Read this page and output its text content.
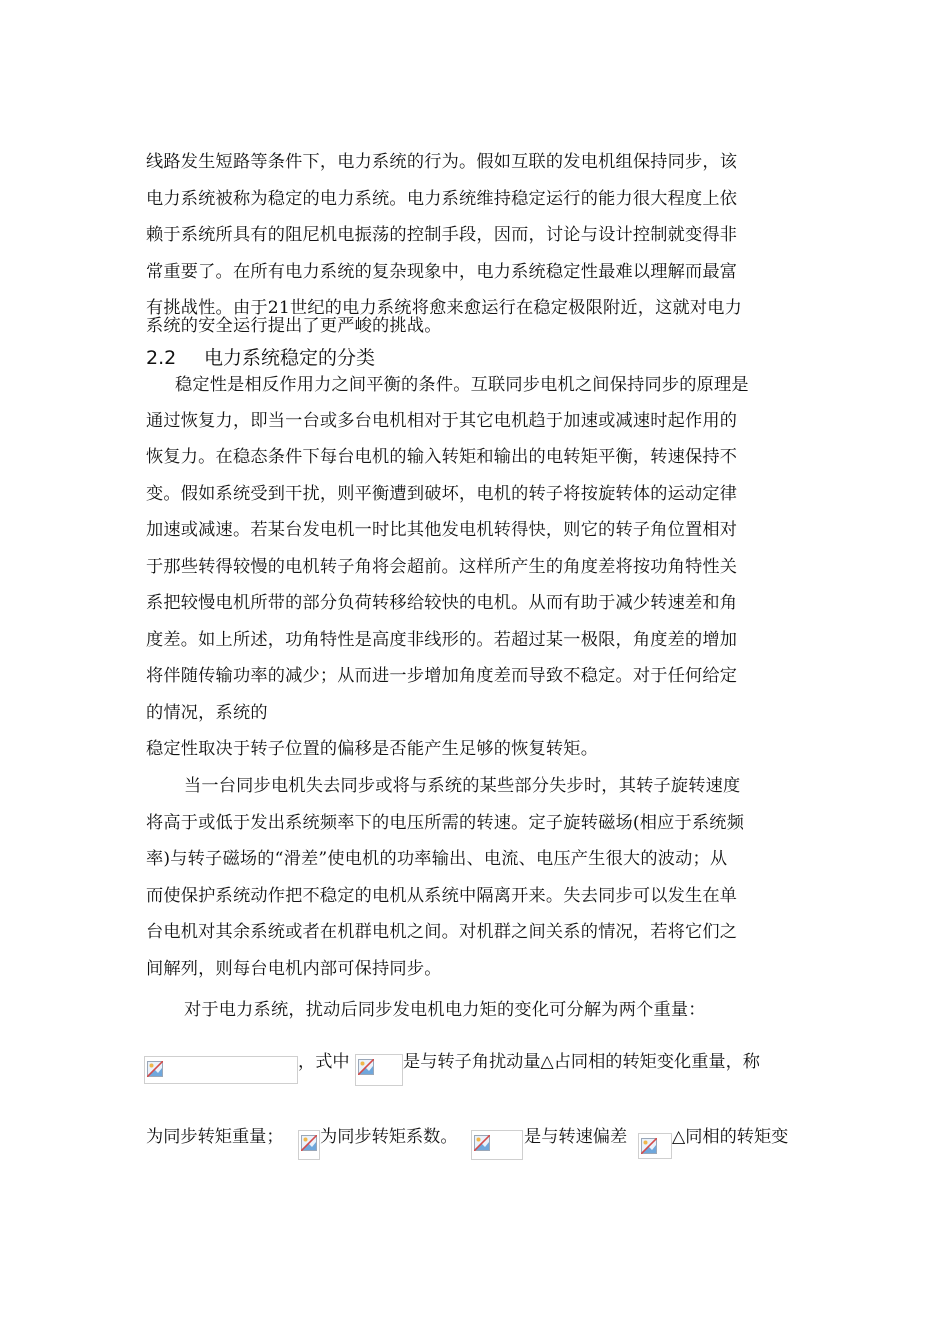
线路发生短路等条件下，电力系统的行为。假如互联的发电机组保持同步，该
电力系统被称为稳定的电力系统。电力系统维持稳定运行的能力很大程度上依
赖于系统所具有的阻尼机电振荡的控制手段，因而，讨论与设计控制就变得非
常重要了。在所有电力系统的复杂现象中，电力系统稳定性最难以理解而最富
有挑战性。由于21世纪的电力系统将愈来愈运行在稳定极限附近，这就对电力
系统的安全运行提出了更严峻的挑战。
2.2 电力系统稳定的分类
稳定性是相反作用力之间平衡的条件。互联同步电机之间保持同步的原理是
通过恢复力，即当一台或多台电机相对于其它电机趋于加速或减速时起作用的
恢复力。在稳态条件下每台电机的输入转矩和输出的电转矩平衡，转速保持不
变。假如系统受到干扰，则平衡遭到破坏，电机的转子将按旋转体的运动定律
加速或减速。若某台发电机一时比其他发电机转得快，则它的转子角位置相对
于那些转得较慢的电机转子角将会超前。这样所产生的角度差将按功角特性关
系把较慢电机所带的部分负荷转移给较快的电机。从而有助于减少转速差和角
度差。如上所述，功角特性是高度非线形的。若超过某一极限，角度差的增加
将伴随传输功率的减少；从而进一步增加角度差而导致不稳定。对于任何给定
的情况，系统的
稳定性取决于转子位置的偏移是否能产生足够的恢复转矩。
当一台同步电机失去同步或将与系统的某些部分失步时，其转子旋转速度
将高于或低于发出系统频率下的电压所需的转速。定子旋转磁场(相应于系统频
率)与转子磁场的“滑差”使电机的功率输出、电流、电压产生很大的波动；从
而使保护系统动作把不稳定的电机从系统中隔离开来。失去同步可以发生在单
台电机对其余系统或者在机群电机之间。对机群之间关系的情况，若将它们之
间解列，则每台电机内部可保持同步。
对于电力系统，扰动后同步发电机电力矩的变化可分解为两个重量：
，式中	是与转子角扰动量△占同相的转矩变化重量，称
为同步转矩重量； 为同步转矩系数。	是与转速偏差	△同相的转矩变
